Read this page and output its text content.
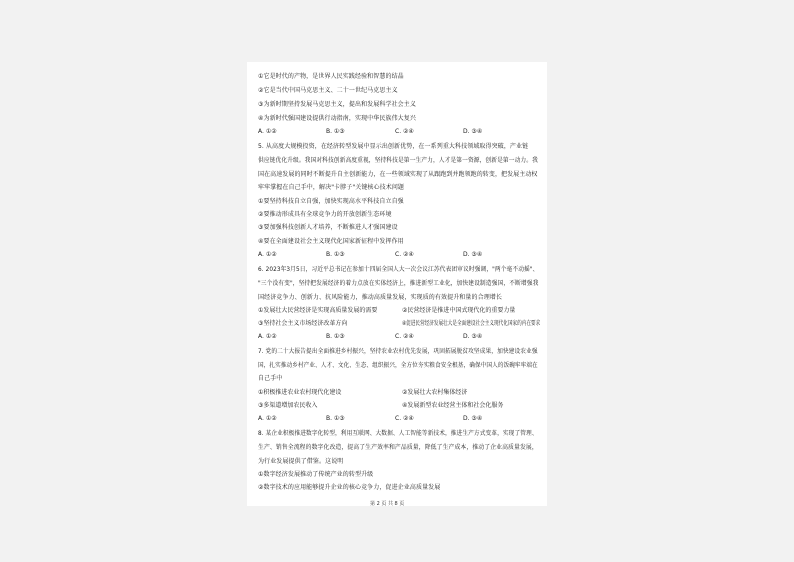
①它是时代的产物，是世界人民实践经验和智慧的结晶
②它是当代中国马克思主义、二十一世纪马克思主义
③为新时期坚持发展马克思主义，提出和发展科学社会主义
④为新时代强国建设提供行动指南，实现中华民族伟大复兴
A. ①②	B. ①③	C. ②④	D. ③④
5. 从高度大规模投资，在经济转型发展中显示出创新优势，在一系列重大科技领域取得突破，产业链
供应链优化升级。我国对科技创新高度重视，坚持科技是第一生产力，人才是第一资源，创新是第一动力。我
国在高速发展的同时不断提升自主创新能力，在一些领域实现了从跟跑到并跑领跑的转变，把发展主动权
牢牢掌握在自己手中，解决"卡脖子"关键核心技术问题
①要坚持科技自立自强，加快实现高水平科技自立自强
②要推动形成具有全球竞争力的开放创新生态环境
③要加强科技创新人才培养，不断推进人才强国建设
④要在全面建设社会主义现代化国家新征程中发挥作用
A. ①②	B. ①③	C. ②④	D. ③④
6. 2023年3月5日，习近平总书记在参加十四届全国人大一次会议江苏代表团审议时强调，"两个毫不动摇"、
"三个没有变"，坚持把发展经济的着力点放在实体经济上，推进新型工业化，加快建设制造强国，不断增强我
国经济竞争力、创新力、抗风险能力，推动高质量发展，实现质的有效提升和量的合理增长
①发展壮大民营经济是实现高质量发展的需要	②民营经济是推进中国式现代化的重要力量
③坚持社会主义市场经济改革方向	④促进民营经济发展壮大是全面建设社会主义现代化国家的内在要求
A. ①②	B. ①③	C. ②④	D. ③④
7. 党的二十大报告提出全面推进乡村振兴，坚持农业农村优先发展，巩固拓展脱贫攻坚成果，加快建设农业强
国，扎实推动乡村产业、人才、文化、生态、组织振兴，全方位夯实粮食安全根基，确保中国人的饭碗牢牢端在
自己手中
①积极推进农业农村现代化建设	②发展壮大农村集体经济
③多渠道增加农民收入	④发展新型农业经营主体和社会化服务
A. ①②	B. ①③	C. ②④	D. ③④
8. 某企业积极推进数字化转型，利用互联网、大数据、人工智能等新技术，推进生产方式变革，实现了管理、
生产、销售全流程的数字化改造，提高了生产效率和产品质量，降低了生产成本，推动了企业高质量发展，
为行业发展提供了借鉴。这说明
①数字经济发展推动了传统产业的转型升级
②数字技术的应用能够提升企业的核心竞争力，促进企业高质量发展
第 2 页 共 8 页
